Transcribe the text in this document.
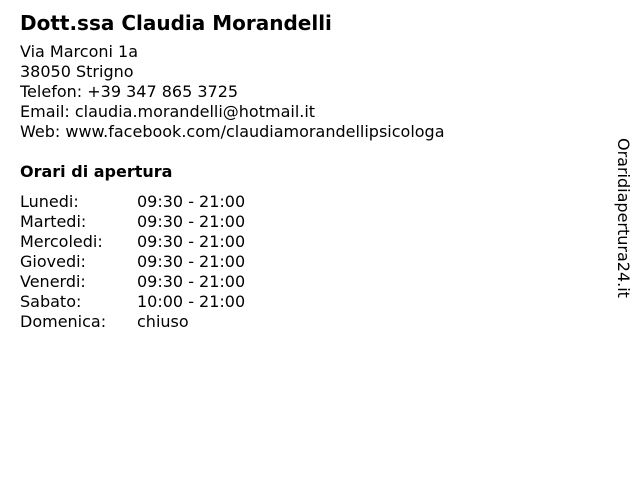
Dott.ssa Claudia Morandelli
Via Marconi 1a
38050 Strigno
Telefon: +39 347 865 3725
Email: claudia.morandelli@hotmail.it
Web: www.facebook.com/claudiamorandellipsicologa
Orari di apertura
Lunedi:	09:30 - 21:00
Martedi:	09:30 - 21:00
Mercoledi:	09:30 - 21:00
Giovedi:	09:30 - 21:00
Venerdi:	09:30 - 21:00
Sabato:	10:00 - 21:00
Domenica:	chiuso
Oraridiapertura24.it
